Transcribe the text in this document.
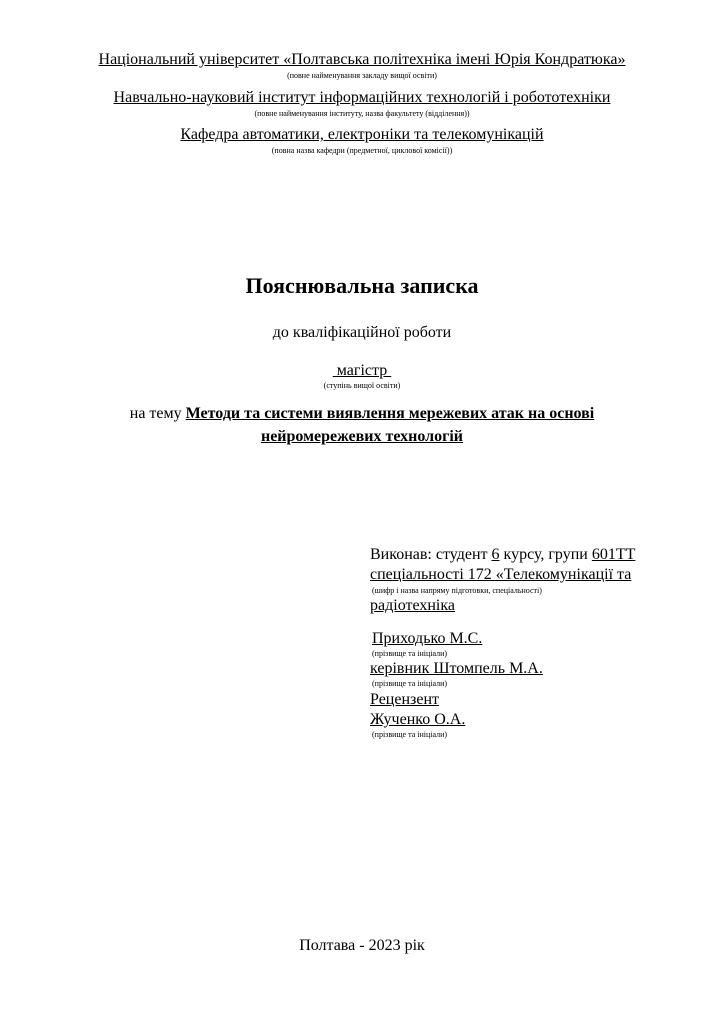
Національний університет «Полтавська політехніка імені Юрія Кондратюка»
(повне найменування закладу вищої освіти)
Навчально-науковий інститут інформаційних технологій і робототехніки
(повне найменування інституту, назва факультету (відділення))
Кафедра автоматики, електроніки та телекомунікацій
(повна назва кафедри (предметної, циклової комісії))
Пояснювальна записка
до кваліфікаційної роботи
магістр
(ступінь вищої освіти)
на тему Методи та системи виявлення мережевих атак на основі
нейромережевих технологій
Виконав: студент 6 курсу, групи 601ТТ
спеціальності 172 «Телекомунікації та
(шифр і назва напряму підготовки, спеціальності)
радіотехніка
Приходько М.С.
(прізвище та ініціали)
керівник Штомпель М.А.
(прізвище та ініціали)
Рецензент
Жученко О.А.
(прізвище та ініціали)
Полтава - 2023 рік
